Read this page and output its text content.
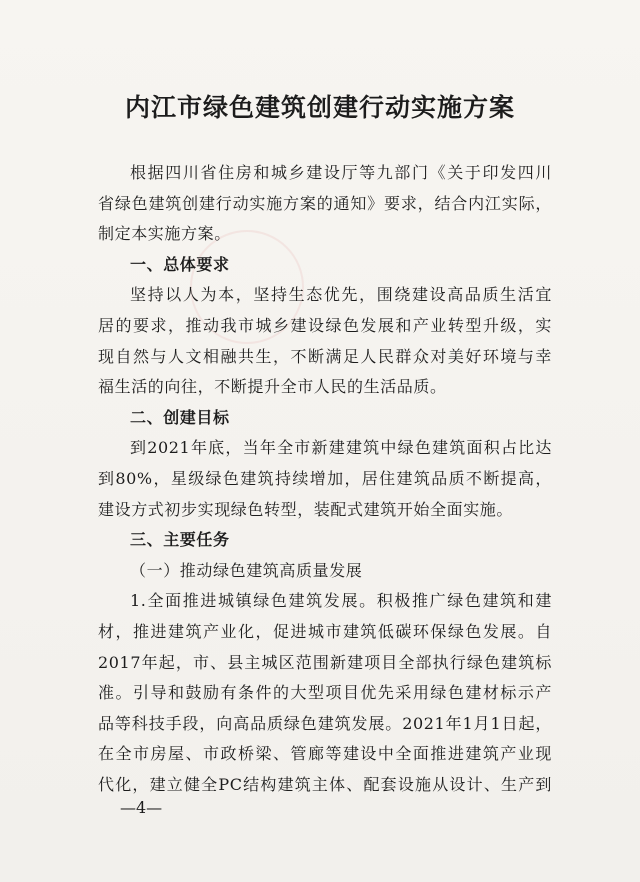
内江市绿色建筑创建行动实施方案
根据四川省住房和城乡建设厅等九部门《关于印发四川
省绿色建筑创建行动实施方案的通知》要求，结合内江实际，
制定本实施方案。
一、总体要求
坚持以人为本，坚持生态优先，围绕建设高品质生活宜
居的要求，推动我市城乡建设绿色发展和产业转型升级，实
现自然与人文相融共生，不断满足人民群众对美好环境与幸
福生活的向往，不断提升全市人民的生活品质。
二、创建目标
到2021年底，当年全市新建建筑中绿色建筑面积占比达
到80%，星级绿色建筑持续增加，居住建筑品质不断提高，
建设方式初步实现绿色转型，装配式建筑开始全面实施。
三、主要任务
（一）推动绿色建筑高质量发展
1.全面推进城镇绿色建筑发展。积极推广绿色建筑和建
材，推进建筑产业化，促进城市建筑低碳环保绿色发展。自
2017年起，市、县主城区范围新建项目全部执行绿色建筑标
准。引导和鼓励有条件的大型项目优先采用绿色建材标示产
品等科技手段，向高品质绿色建筑发展。2021年1月1日起，
在全市房屋、市政桥梁、管廊等建设中全面推进建筑产业现
代化，建立健全PC结构建筑主体、配套设施从设计、生产到
—4—
